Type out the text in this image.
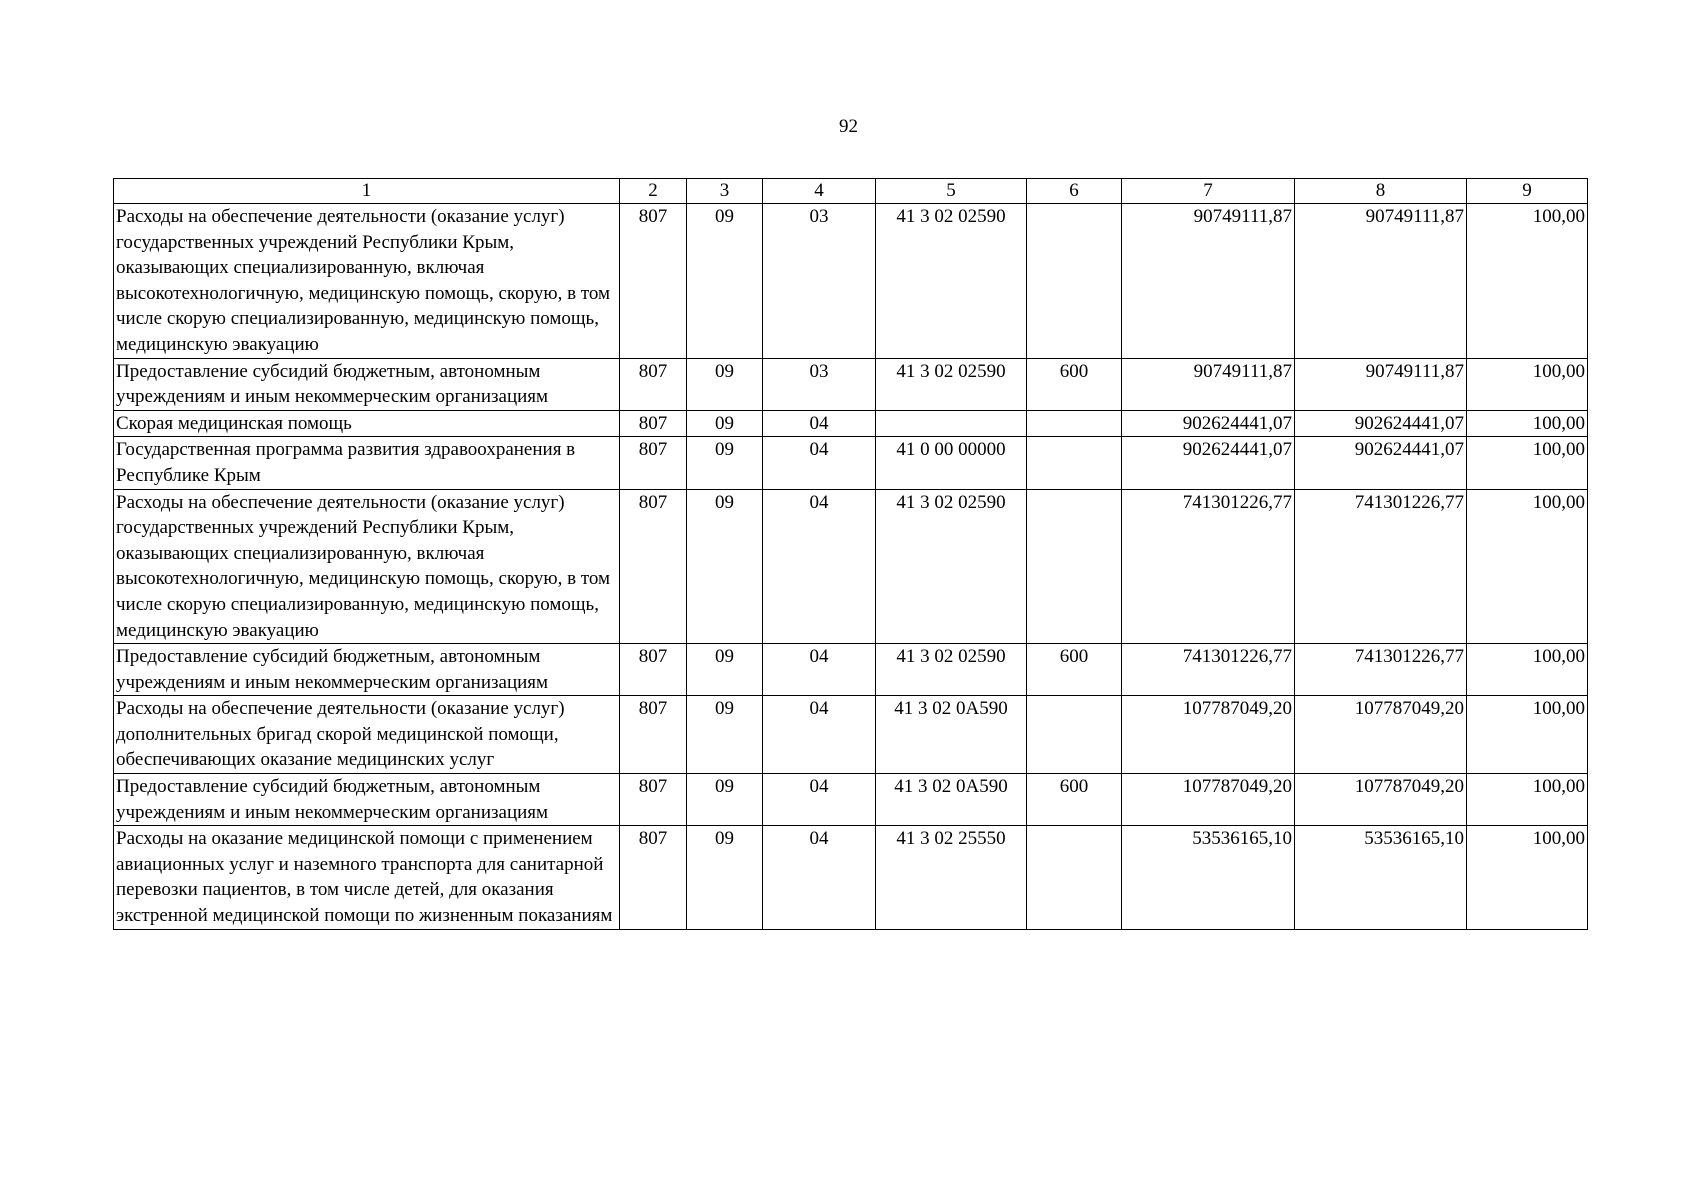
92
1	2	3	4	5	6	7	8	9
Расходы на обеспечение деятельности (оказание услуг) государственных учреждений Республики Крым, оказывающих специализированную, включая высокотехнологичную, медицинскую помощь, скорую, в том числе скорую специализированную, медицинскую помощь, медицинскую эвакуацию	807	09	03	41 3 02 02590		90749111,87	90749111,87	100,00
Предоставление субсидий бюджетным, автономным учреждениям и иным некоммерческим организациям	807	09	03	41 3 02 02590	600	90749111,87	90749111,87	100,00
Скорая медицинская помощь	807	09	04			902624441,07	902624441,07	100,00
Государственная программа развития здравоохранения в Республике Крым	807	09	04	41 0 00 00000		902624441,07	902624441,07	100,00
Расходы на обеспечение деятельности (оказание услуг) государственных учреждений Республики Крым, оказывающих специализированную, включая высокотехнологичную, медицинскую помощь, скорую, в том числе скорую специализированную, медицинскую помощь, медицинскую эвакуацию	807	09	04	41 3 02 02590		741301226,77	741301226,77	100,00
Предоставление субсидий бюджетным, автономным учреждениям и иным некоммерческим организациям	807	09	04	41 3 02 02590	600	741301226,77	741301226,77	100,00
Расходы на обеспечение деятельности (оказание услуг) дополнительных бригад скорой медицинской помощи, обеспечивающих оказание медицинских услуг	807	09	04	41 3 02 0А590		107787049,20	107787049,20	100,00
Предоставление субсидий бюджетным, автономным учреждениям и иным некоммерческим организациям	807	09	04	41 3 02 0А590	600	107787049,20	107787049,20	100,00
Расходы на оказание медицинской помощи с применением авиационных услуг и наземного транспорта для санитарной перевозки пациентов, в том числе детей, для оказания экстренной медицинской помощи по жизненным показаниям	807	09	04	41 3 02 25550		53536165,10	53536165,10	100,00
